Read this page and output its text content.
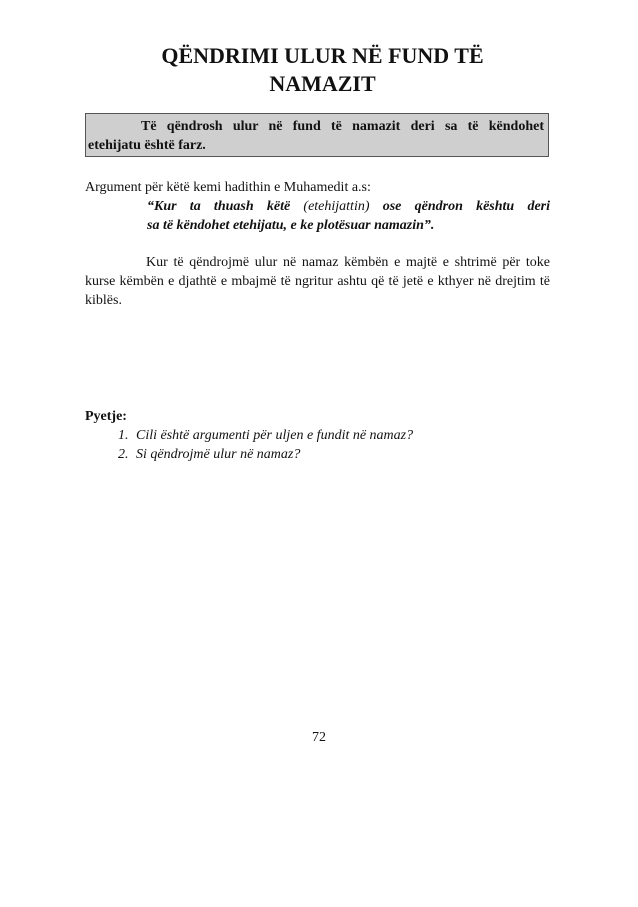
QËNDRIMI ULUR NË FUND TË
NAMAZIT
Të qëndrosh ulur në fund të namazit deri sa të këndohet
etehijatu është farz.
Argument për këtë kemi hadithin e Muhamedit a.s:
“Kur ta thuash këtë (etehijattin) ose qëndron kështu deri
sa të këndohet etehijatu, e ke plotësuar namazin”.
Kur të qëndrojmë ulur në namaz këmbën e majtë e shtrimë për toke kurse këmbën e djathtë e mbajmë të ngritur ashtu që të jetë e kthyer në drejtim të kiblës.
Pyetje:
1. Cili është argumenti për uljen e fundit në namaz?
2. Si qëndrojmë ulur në namaz?
72
